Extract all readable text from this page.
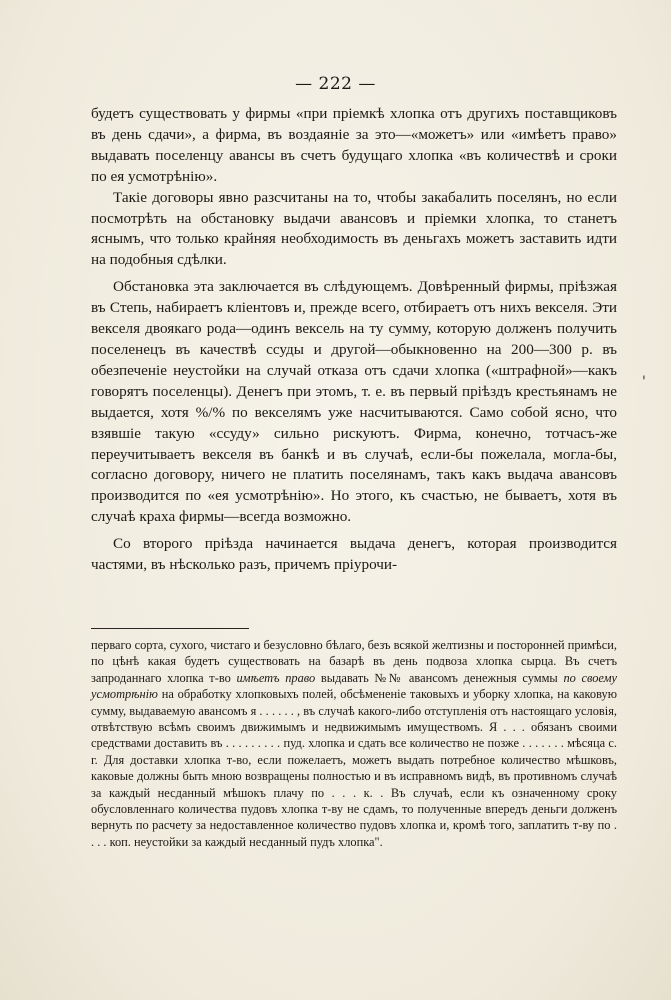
— 222 —

будетъ существовать у фирмы «при пріемкѣ хлопка отъ другихъ поставщиковъ въ день сдачи», а фирма, въ воздаяніе за это—«можетъ» или «имѣетъ право» выдавать поселенцу авансы въ счетъ будущаго хлопка «въ количествѣ и сроки по ея усмотрѣнію».

Такіе договоры явно разсчитаны на то, чтобы закабалить поселянъ, но если посмотрѣть на обстановку выдачи авансовъ и пріемки хлопка, то станетъ яснымъ, что только крайняя необходимость въ деньгахъ можетъ заставить идти на подобныя сдѣлки.

Обстановка эта заключается въ слѣдующемъ. Довѣренный фирмы, пріѣзжая въ Степь, набираетъ кліентовъ и, прежде всего, отбираетъ отъ нихъ векселя. Эти векселя двоякаго рода—одинъ вексель на ту сумму, которую долженъ получить поселенецъ въ качествѣ ссуды и другой—обыкновенно на 200—300 р. въ обезпеченіе неустойки на случай отказа отъ сдачи хлопка («штрафной»—какъ говорятъ поселенцы). Денегъ при этомъ, т. е. въ первый пріѣздъ крестьянамъ не выдается, хотя %/% по векселямъ уже насчитываются. Само собой ясно, что взявшіе такую «ссуду» сильно рискуютъ. Фирма, конечно, тотчасъ-же переучитываетъ векселя въ банкѣ и въ случаѣ, если-бы пожелала, могла-бы, согласно договору, ничего не платить поселянамъ, такъ какъ выдача авансовъ производится по «ея усмотрѣнію». Но этого, къ счастью, не бываетъ, хотя въ случаѣ краха фирмы—всегда возможно.

Со второго пріѣзда начинается выдача денегъ, которая производится частями, въ нѣсколько разъ, причемъ пріурочи-

'

перваго сорта, сухого, чистаго и безусловно бѣлаго, безъ всякой желтизны и посторонней примѣси, по цѣнѣ какая будетъ существовать на базарѣ въ день подвоза хлопка сырца. Въ счетъ запроданнаго хлопка т-во имѣетъ право выдавать №№ авансомъ денежныя суммы по своему усмотрѣнію на обработку хлопковыхъ полей, обсѣмененіе таковыхъ и уборку хлопка, на каковую сумму, выдаваемую авансомъ я . . . . . . , въ случаѣ какого-либо отступленія отъ настоящаго условія, отвѣтствую всѣмъ своимъ движимымъ и недвижимымъ имуществомъ. Я . . . обязанъ своими средствами доставить въ . . . . . . . . . пуд. хлопка и сдать все количество не позже . . . . . . . мѣсяца с. г. Для доставки хлопка т-во, если пожелаетъ, можетъ выдать потребное количество мѣшковъ, каковые должны быть мною возвращены полностью и въ исправномъ видѣ, въ противномъ случаѣ за каждый несданный мѣшокъ плачу по . . . к. . Въ случаѣ, если къ означенному сроку обусловленнаго количества пудовъ хлопка т-ву не сдамъ, то полученные впередъ деньги долженъ вернуть по расчету за недоставленное количество пудовъ хлопка и, кромѣ того, заплатить т-ву по . . . . коп. неустойки за каждый несданный пудъ хлопка".
